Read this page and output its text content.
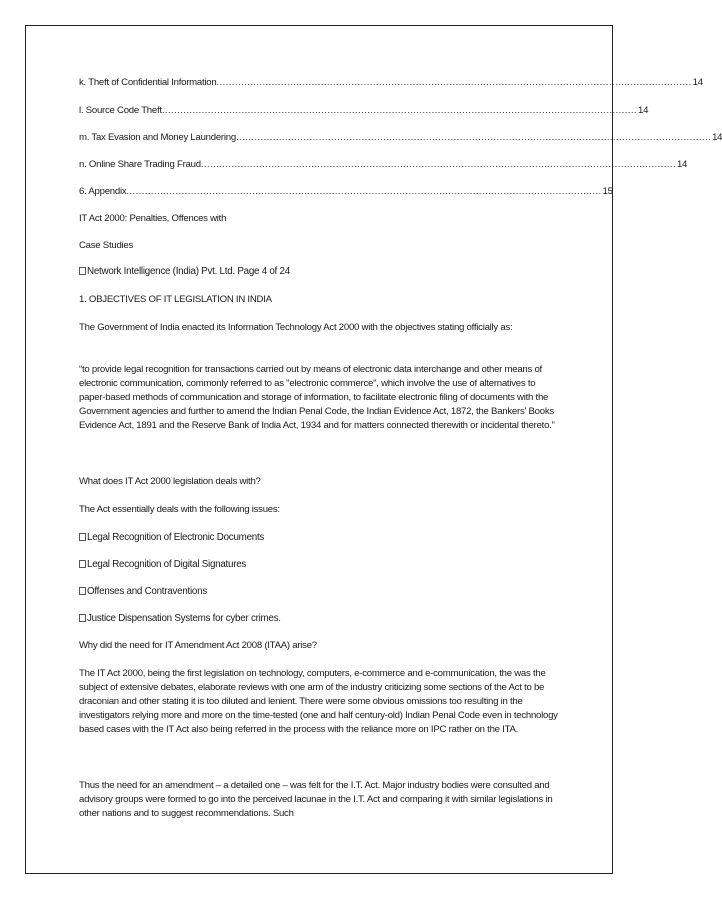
k. Theft of Confidential Information ........................................................................................................................................................... 14
l. Source Code Theft ........................................................................................................................................................... 14
m. Tax Evasion and Money Laundering ........................................................................................................................................................... 14
n. Online Share Trading Fraud ........................................................................................................................................................... 14
6. Appendix ........................................................................................................................................................... 15
IT Act 2000: Penalties, Offences with
Case Studies
Network Intelligence (India) Pvt. Ltd. Page 4 of 24
1. OBJECTIVES OF IT LEGISLATION IN INDIA
The Government of India enacted its Information Technology Act 2000 with the objectives stating officially as:
“to provide legal recognition for transactions carried out by means of electronic data interchange and other means of electronic communication, commonly referred to as "electronic commerce", which involve the use of alternatives to paper-based methods of communication and storage of information, to facilitate electronic filing of documents with the Government agencies and further to amend the Indian Penal Code, the Indian Evidence Act, 1872, the Bankers' Books Evidence Act, 1891 and the Reserve Bank of India Act, 1934 and for matters connected therewith or incidental thereto.”
What does IT Act 2000 legislation deals with?
The Act essentially deals with the following issues:
Legal Recognition of Electronic Documents
Legal Recognition of Digital Signatures
Offenses and Contraventions
Justice Dispensation Systems for cyber crimes.
Why did the need for IT Amendment Act 2008 (ITAA) arise?
The IT Act 2000, being the first legislation on technology, computers, e-commerce and e-communication, the was the subject of extensive debates, elaborate reviews with one arm of the industry criticizing some sections of the Act to be draconian and other stating it is too diluted and lenient. There were some obvious omissions too resulting in the investigators relying more and more on the time-tested (one and half century-old) Indian Penal Code even in technology based cases with the IT Act also being referred in the process with the reliance more on IPC rather on the ITA.
Thus the need for an amendment – a detailed one – was felt for the I.T. Act. Major industry bodies were consulted and advisory groups were formed to go into the perceived lacunae in the I.T. Act and comparing it with similar legislations in other nations and to suggest recommendations. Such
